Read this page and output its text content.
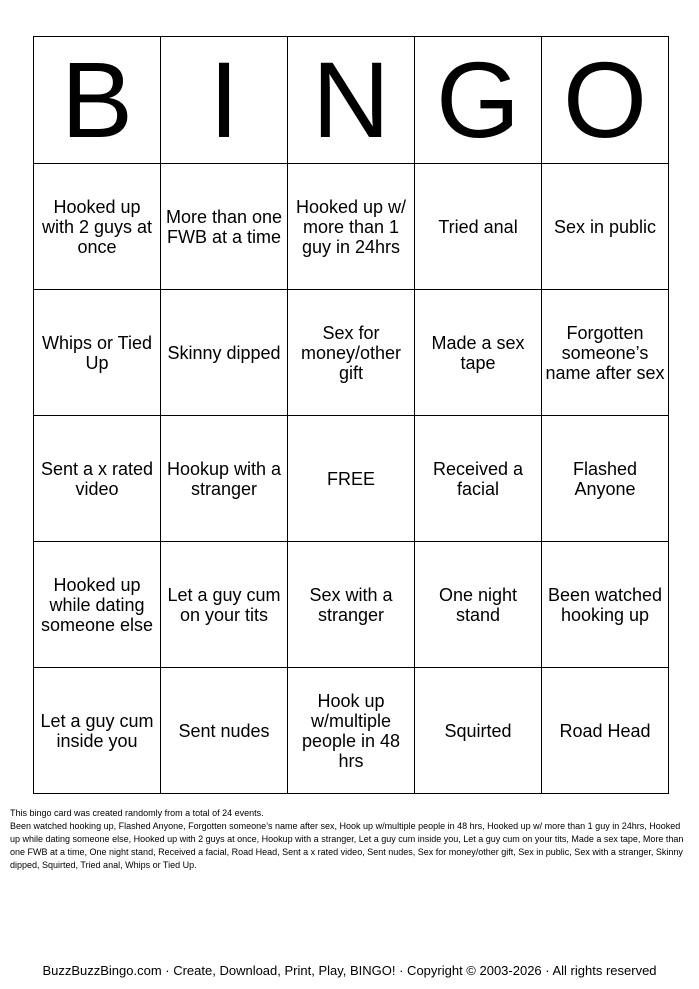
B	I	N	G	O
Hooked up with 2 guys at once	More than one FWB at a time	Hooked up w/ more than 1 guy in 24hrs	Tried anal	Sex in public
Whips or Tied Up	Skinny dipped	Sex for money/other gift	Made a sex tape	Forgotten someone’s name after sex
Sent a x rated video	Hookup with a stranger	FREE	Received a facial	Flashed Anyone
Hooked up while dating someone else	Let a guy cum on your tits	Sex with a stranger	One night stand	Been watched hooking up
Let a guy cum inside you	Sent nudes	Hook up w/multiple people in 48 hrs	Squirted	Road Head
This bingo card was created randomly from a total of 24 events.
Been watched hooking up, Flashed Anyone, Forgotten someone’s name after sex, Hook up w/multiple people in 48 hrs, Hooked up w/ more than 1 guy in 24hrs, Hooked up while dating someone else, Hooked up with 2 guys at once, Hookup with a stranger, Let a guy cum inside you, Let a guy cum on your tits, Made a sex tape, More than one FWB at a time, One night stand, Received a facial, Road Head, Sent a x rated video, Sent nudes, Sex for money/other gift, Sex in public, Sex with a stranger, Skinny dipped, Squirted, Tried anal, Whips or Tied Up.
BuzzBuzzBingo.com · Create, Download, Print, Play, BINGO! · Copyright © 2003-2026 · All rights reserved
